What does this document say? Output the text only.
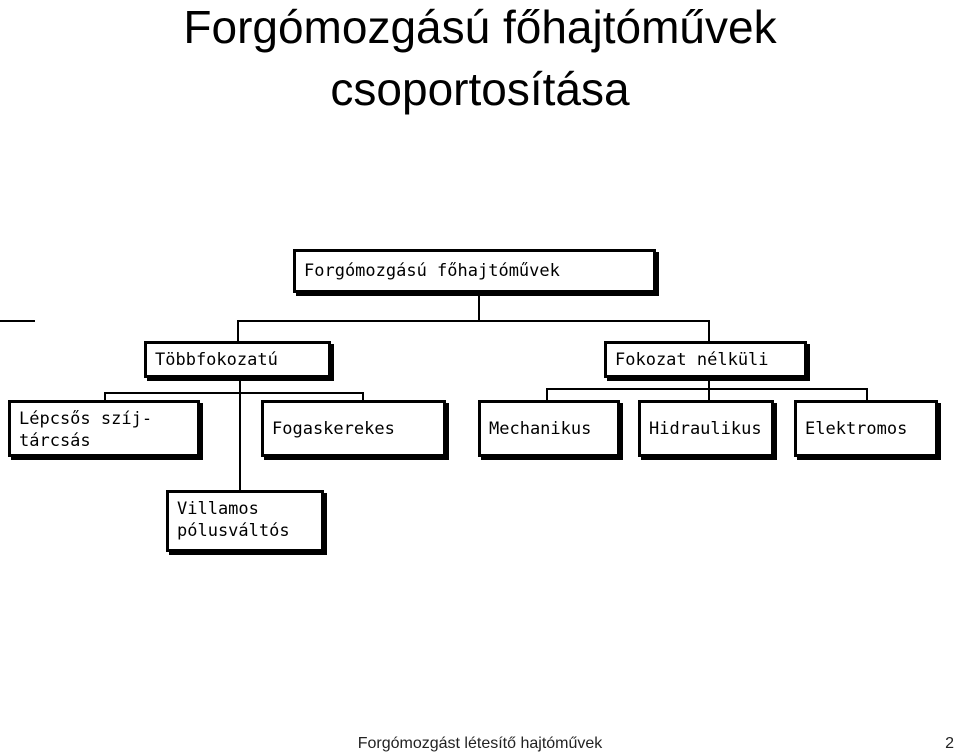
Forgómozgású főhajtóművek
csoportosítása
Forgómozgású főhajtóművek
Többfokozatú	Fokozat nélküli
Lépcsős szíj-
tárcsás
Fogaskerekes	Mechanikus	Hidraulikus	Elektromos
Villamos
pólusváltós
Forgómozgást létesítő hajtóművek	2
